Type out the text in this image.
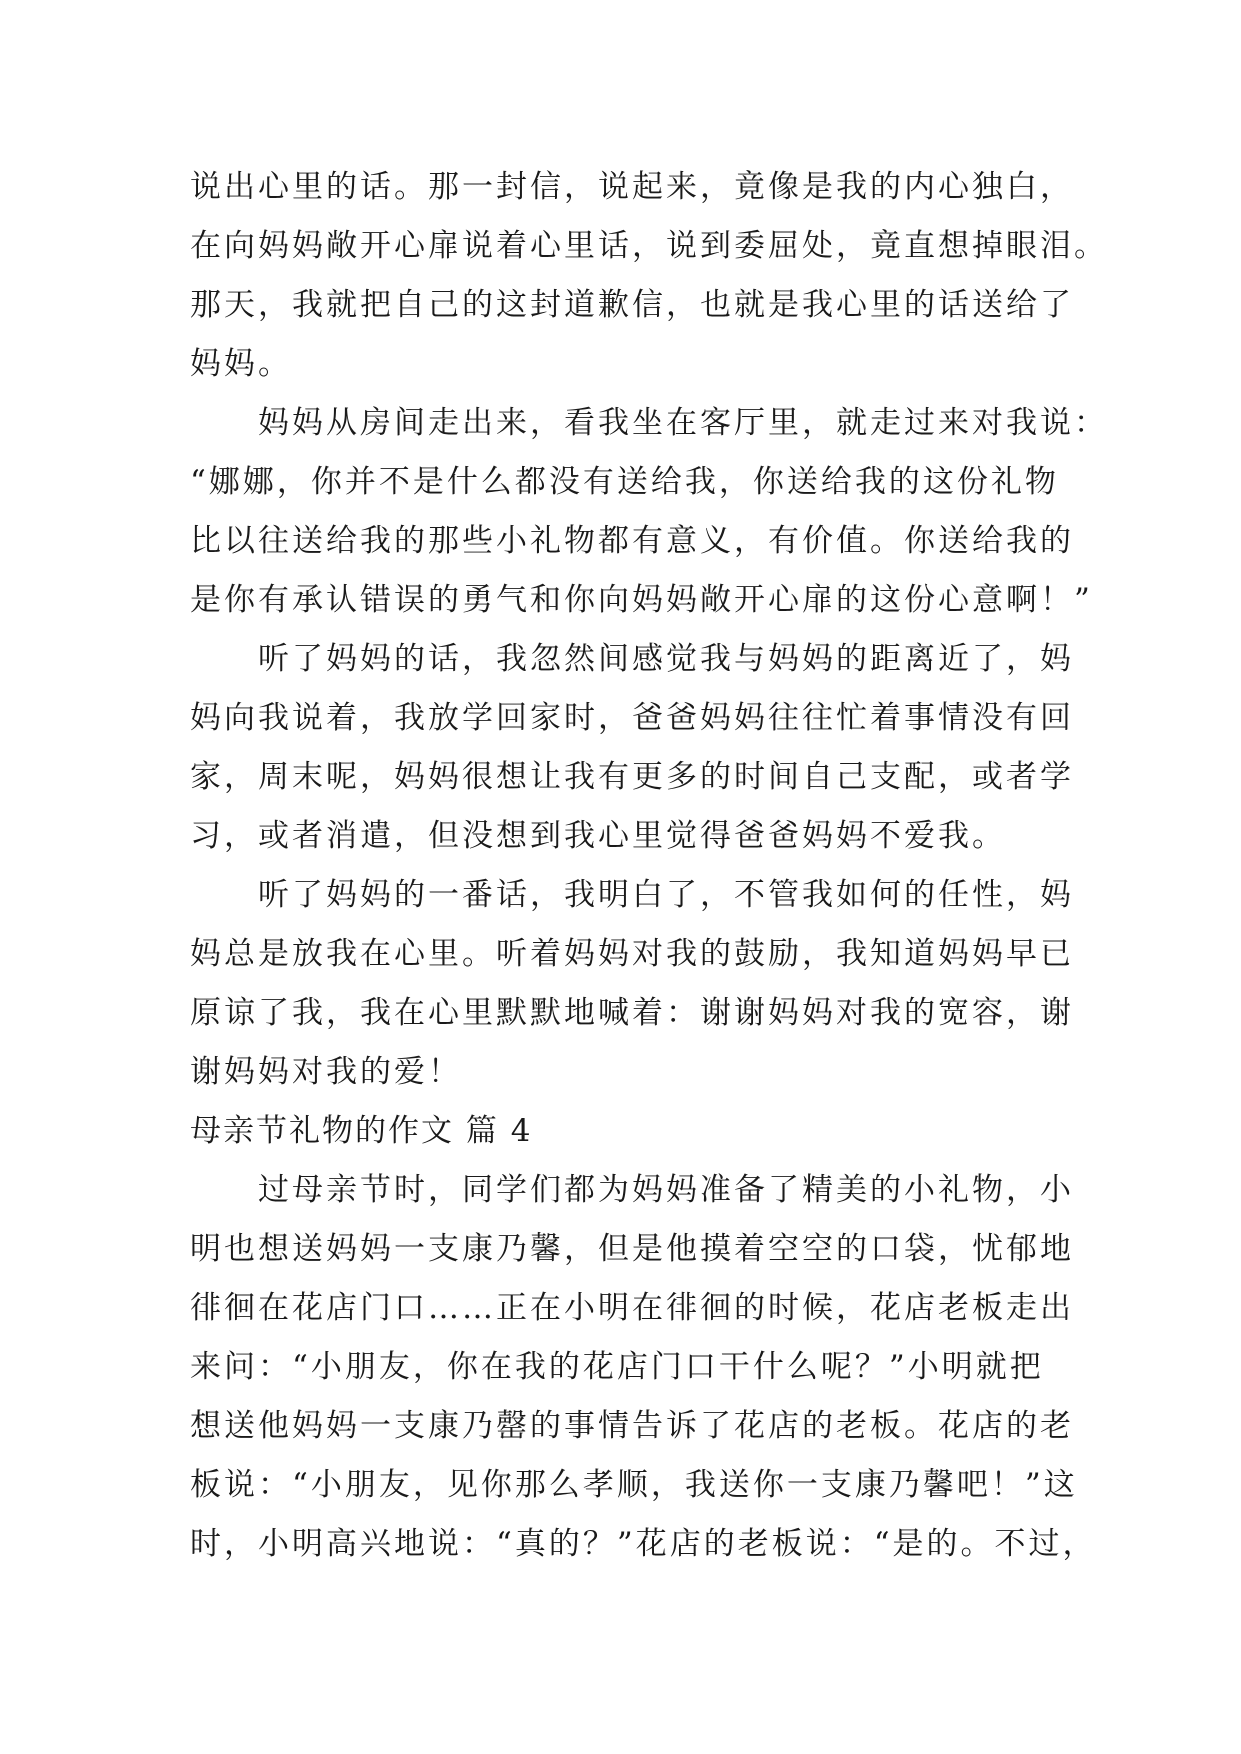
说出心里的话。那一封信，说起来，竟像是我的内心独白，
在向妈妈敞开心扉说着心里话，说到委屈处，竟直想掉眼泪。
那天，我就把自己的这封道歉信，也就是我心里的话送给了
妈妈。
妈妈从房间走出来，看我坐在客厅里，就走过来对我说：
“娜娜，你并不是什么都没有送给我，你送给我的这份礼物
比以往送给我的那些小礼物都有意义，有价值。你送给我的
是你有承认错误的勇气和你向妈妈敞开心扉的这份心意啊！”
听了妈妈的话，我忽然间感觉我与妈妈的距离近了，妈
妈向我说着，我放学回家时，爸爸妈妈往往忙着事情没有回
家，周末呢，妈妈很想让我有更多的时间自己支配，或者学
习，或者消遣，但没想到我心里觉得爸爸妈妈不爱我。
听了妈妈的一番话，我明白了，不管我如何的任性，妈
妈总是放我在心里。听着妈妈对我的鼓励，我知道妈妈早已
原谅了我，我在心里默默地喊着：谢谢妈妈对我的宽容，谢
谢妈妈对我的爱！
母亲节礼物的作文 篇 4
过母亲节时，同学们都为妈妈准备了精美的小礼物，小
明也想送妈妈一支康乃馨，但是他摸着空空的口袋，忧郁地
徘徊在花店门口……正在小明在徘徊的时候，花店老板走出
来问：“小朋友，你在我的花店门口干什么呢？”小明就把
想送他妈妈一支康乃罄的事情告诉了花店的老板。花店的老
板说：“小朋友，见你那么孝顺，我送你一支康乃馨吧！”这
时，小明高兴地说：“真的？”花店的老板说：“是的。不过，
